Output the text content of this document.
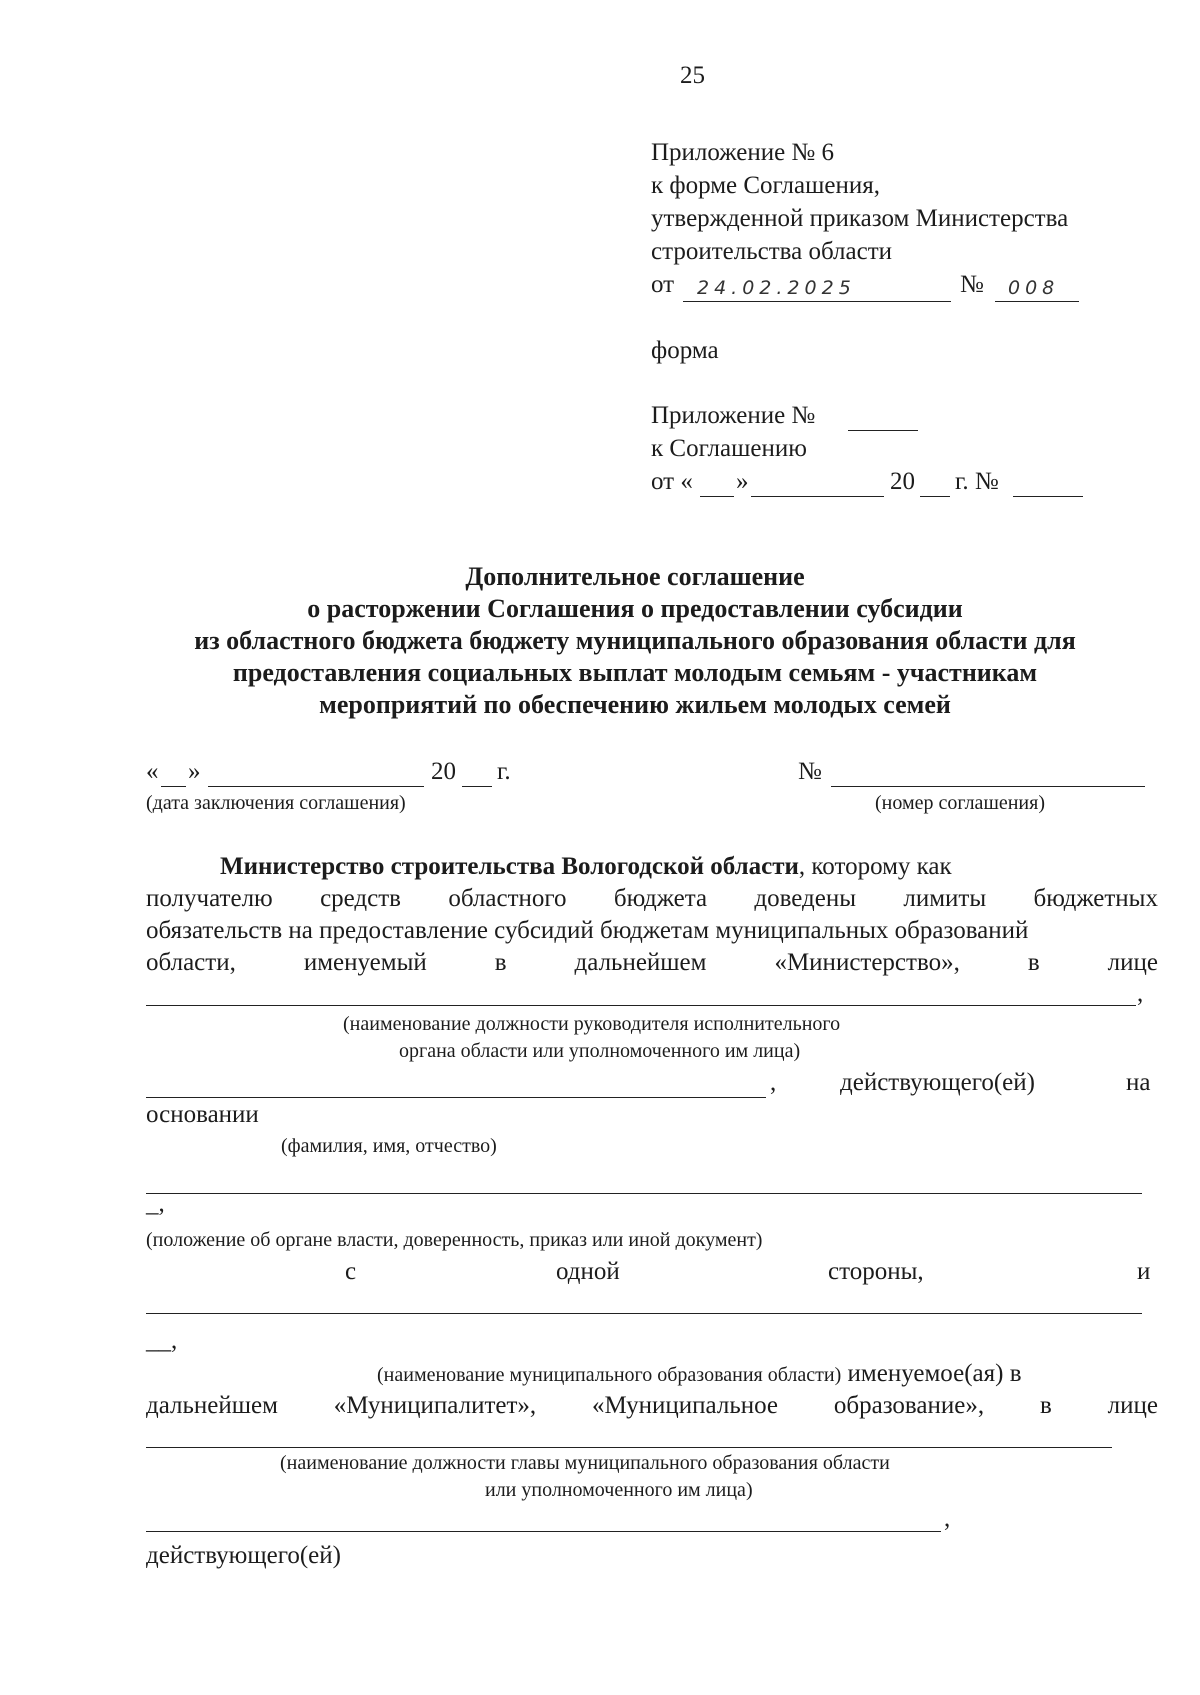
25
Приложение № 6
к форме Соглашения,
утвержденной приказом Министерства
строительства области
от 24.02.2025	№ 008
форма
Приложение №
к Соглашению
от « »	20 г. №
Дополнительное соглашение
о расторжении Соглашения о предоставлении субсидии
из областного бюджета бюджету муниципального образования области для
предоставления социальных выплат молодым семьям - участникам
мероприятий по обеспечению жильем молодых семей
« »	20 г.
(дата заключения соглашения)
№
(номер соглашения)
Министерство строительства Вологодской области, которому как
получателю средств областного бюджета доведены лимиты бюджетных
обязательств на предоставление субсидий бюджетам муниципальных образований
области,	именуемый	в	дальнейшем	«Министерство»,	в	лице
,
(наименование должности руководителя исполнительного
органа области или уполномоченного им лица)
,	действующего(ей)	на
основании
(фамилия, имя, отчество)
_,
(положение об органе власти, доверенность, приказ или иной документ)
с	одной	стороны,	и
__,
(наименование муниципального образования области) именуемое(ая) в
дальнейшем «Муниципалитет», «Муниципальное образование», в лице
(наименование должности главы муниципального образования области
или уполномоченного им лица)
,
действующего(ей)
